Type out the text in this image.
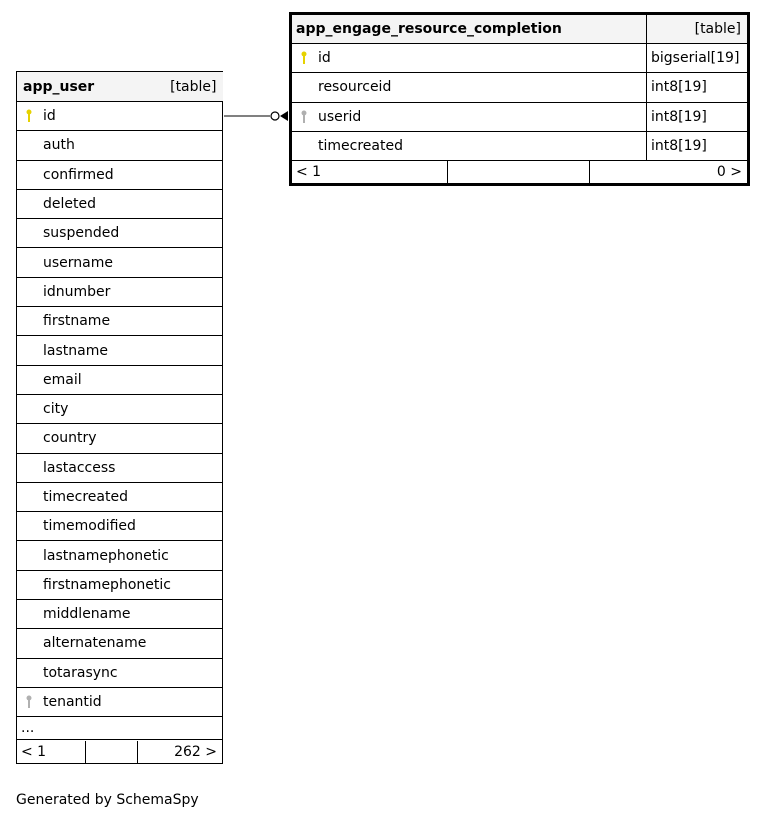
app_engage_resource_completion	[table]

id	bigserial[19]
resourceid	int8[19]

userid	int8[19]
timecreated	int8[19]

< 1 0 >	
app_user	[table]

id
auth
confirmed
deleted
suspended
username
idnumber
firstname
lastname
email
city
country
lastaccess
timecreated
timemodified
lastnamephonetic
firstnamephonetic
middlename
alternatename
totarasync

tenantid
...

< 1	262 >
Generated by SchemaSpy
